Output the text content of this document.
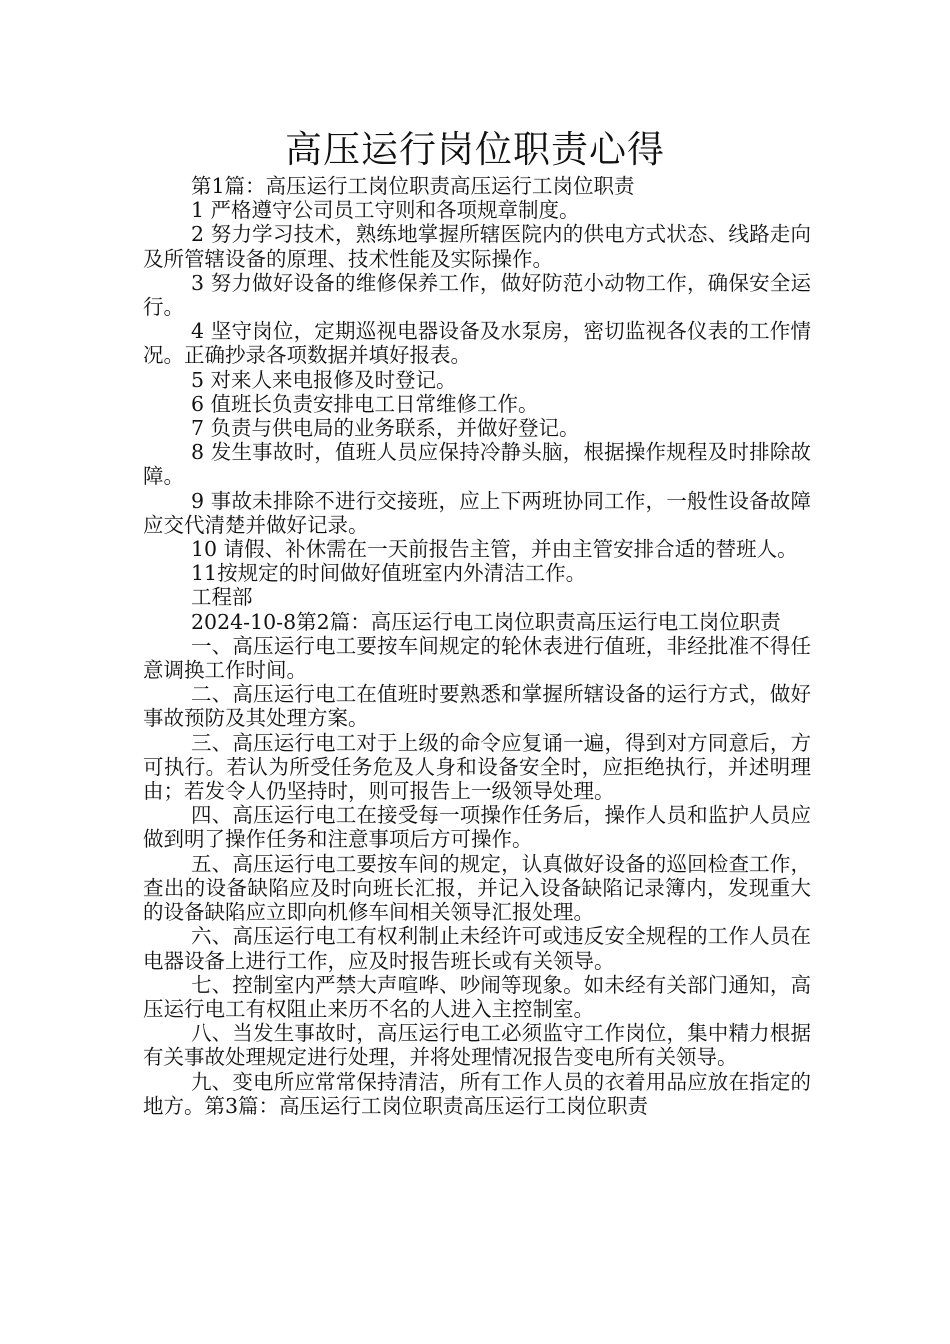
高压运行岗位职责心得

第1篇：高压运行工岗位职责高压运行工岗位职责

1 严格遵守公司员工守则和各项规章制度。

2 努力学习技术，熟练地掌握所辖医院内的供电方式状态、线路走向及所管辖设备的原理、技术性能及实际操作。

3 努力做好设备的维修保养工作，做好防范小动物工作，确保安全运行。

4 坚守岗位，定期巡视电器设备及水泵房，密切监视各仪表的工作情况。正确抄录各项数据并填好报表。

5 对来人来电报修及时登记。

6 值班长负责安排电工日常维修工作。

7 负责与供电局的业务联系，并做好登记。

8 发生事故时，值班人员应保持冷静头脑，根据操作规程及时排除故障。

9 事故未排除不进行交接班，应上下两班协同工作，一般性设备故障应交代清楚并做好记录。

10 请假、补休需在一天前报告主管，并由主管安排合适的替班人。

11按规定的时间做好值班室内外清洁工作。

工程部

2024-10-8第2篇：高压运行电工岗位职责高压运行电工岗位职责

一、高压运行电工要按车间规定的轮休表进行值班，非经批准不得任意调换工作时间。

二、高压运行电工在值班时要熟悉和掌握所辖设备的运行方式，做好事故预防及其处理方案。

三、高压运行电工对于上级的命令应复诵一遍，得到对方同意后，方可执行。若认为所受任务危及人身和设备安全时，应拒绝执行，并述明理由；若发令人仍坚持时，则可报告上一级领导处理。

四、高压运行电工在接受每一项操作任务后，操作人员和监护人员应做到明了操作任务和注意事项后方可操作。

五、高压运行电工要按车间的规定，认真做好设备的巡回检查工作，查出的设备缺陷应及时向班长汇报，并记入设备缺陷记录簿内，发现重大的设备缺陷应立即向机修车间相关领导汇报处理。

六、高压运行电工有权利制止未经许可或违反安全规程的工作人员在电器设备上进行工作，应及时报告班长或有关领导。

七、控制室内严禁大声喧哗、吵闹等现象。如未经有关部门通知，高压运行电工有权阻止来历不名的人进入主控制室。

八、当发生事故时，高压运行电工必须监守工作岗位，集中精力根据有关事故处理规定进行处理，并将处理情况报告变电所有关领导。

九、变电所应常常保持清洁，所有工作人员的衣着用品应放在指定的地方。第3篇：高压运行工岗位职责高压运行工岗位职责
